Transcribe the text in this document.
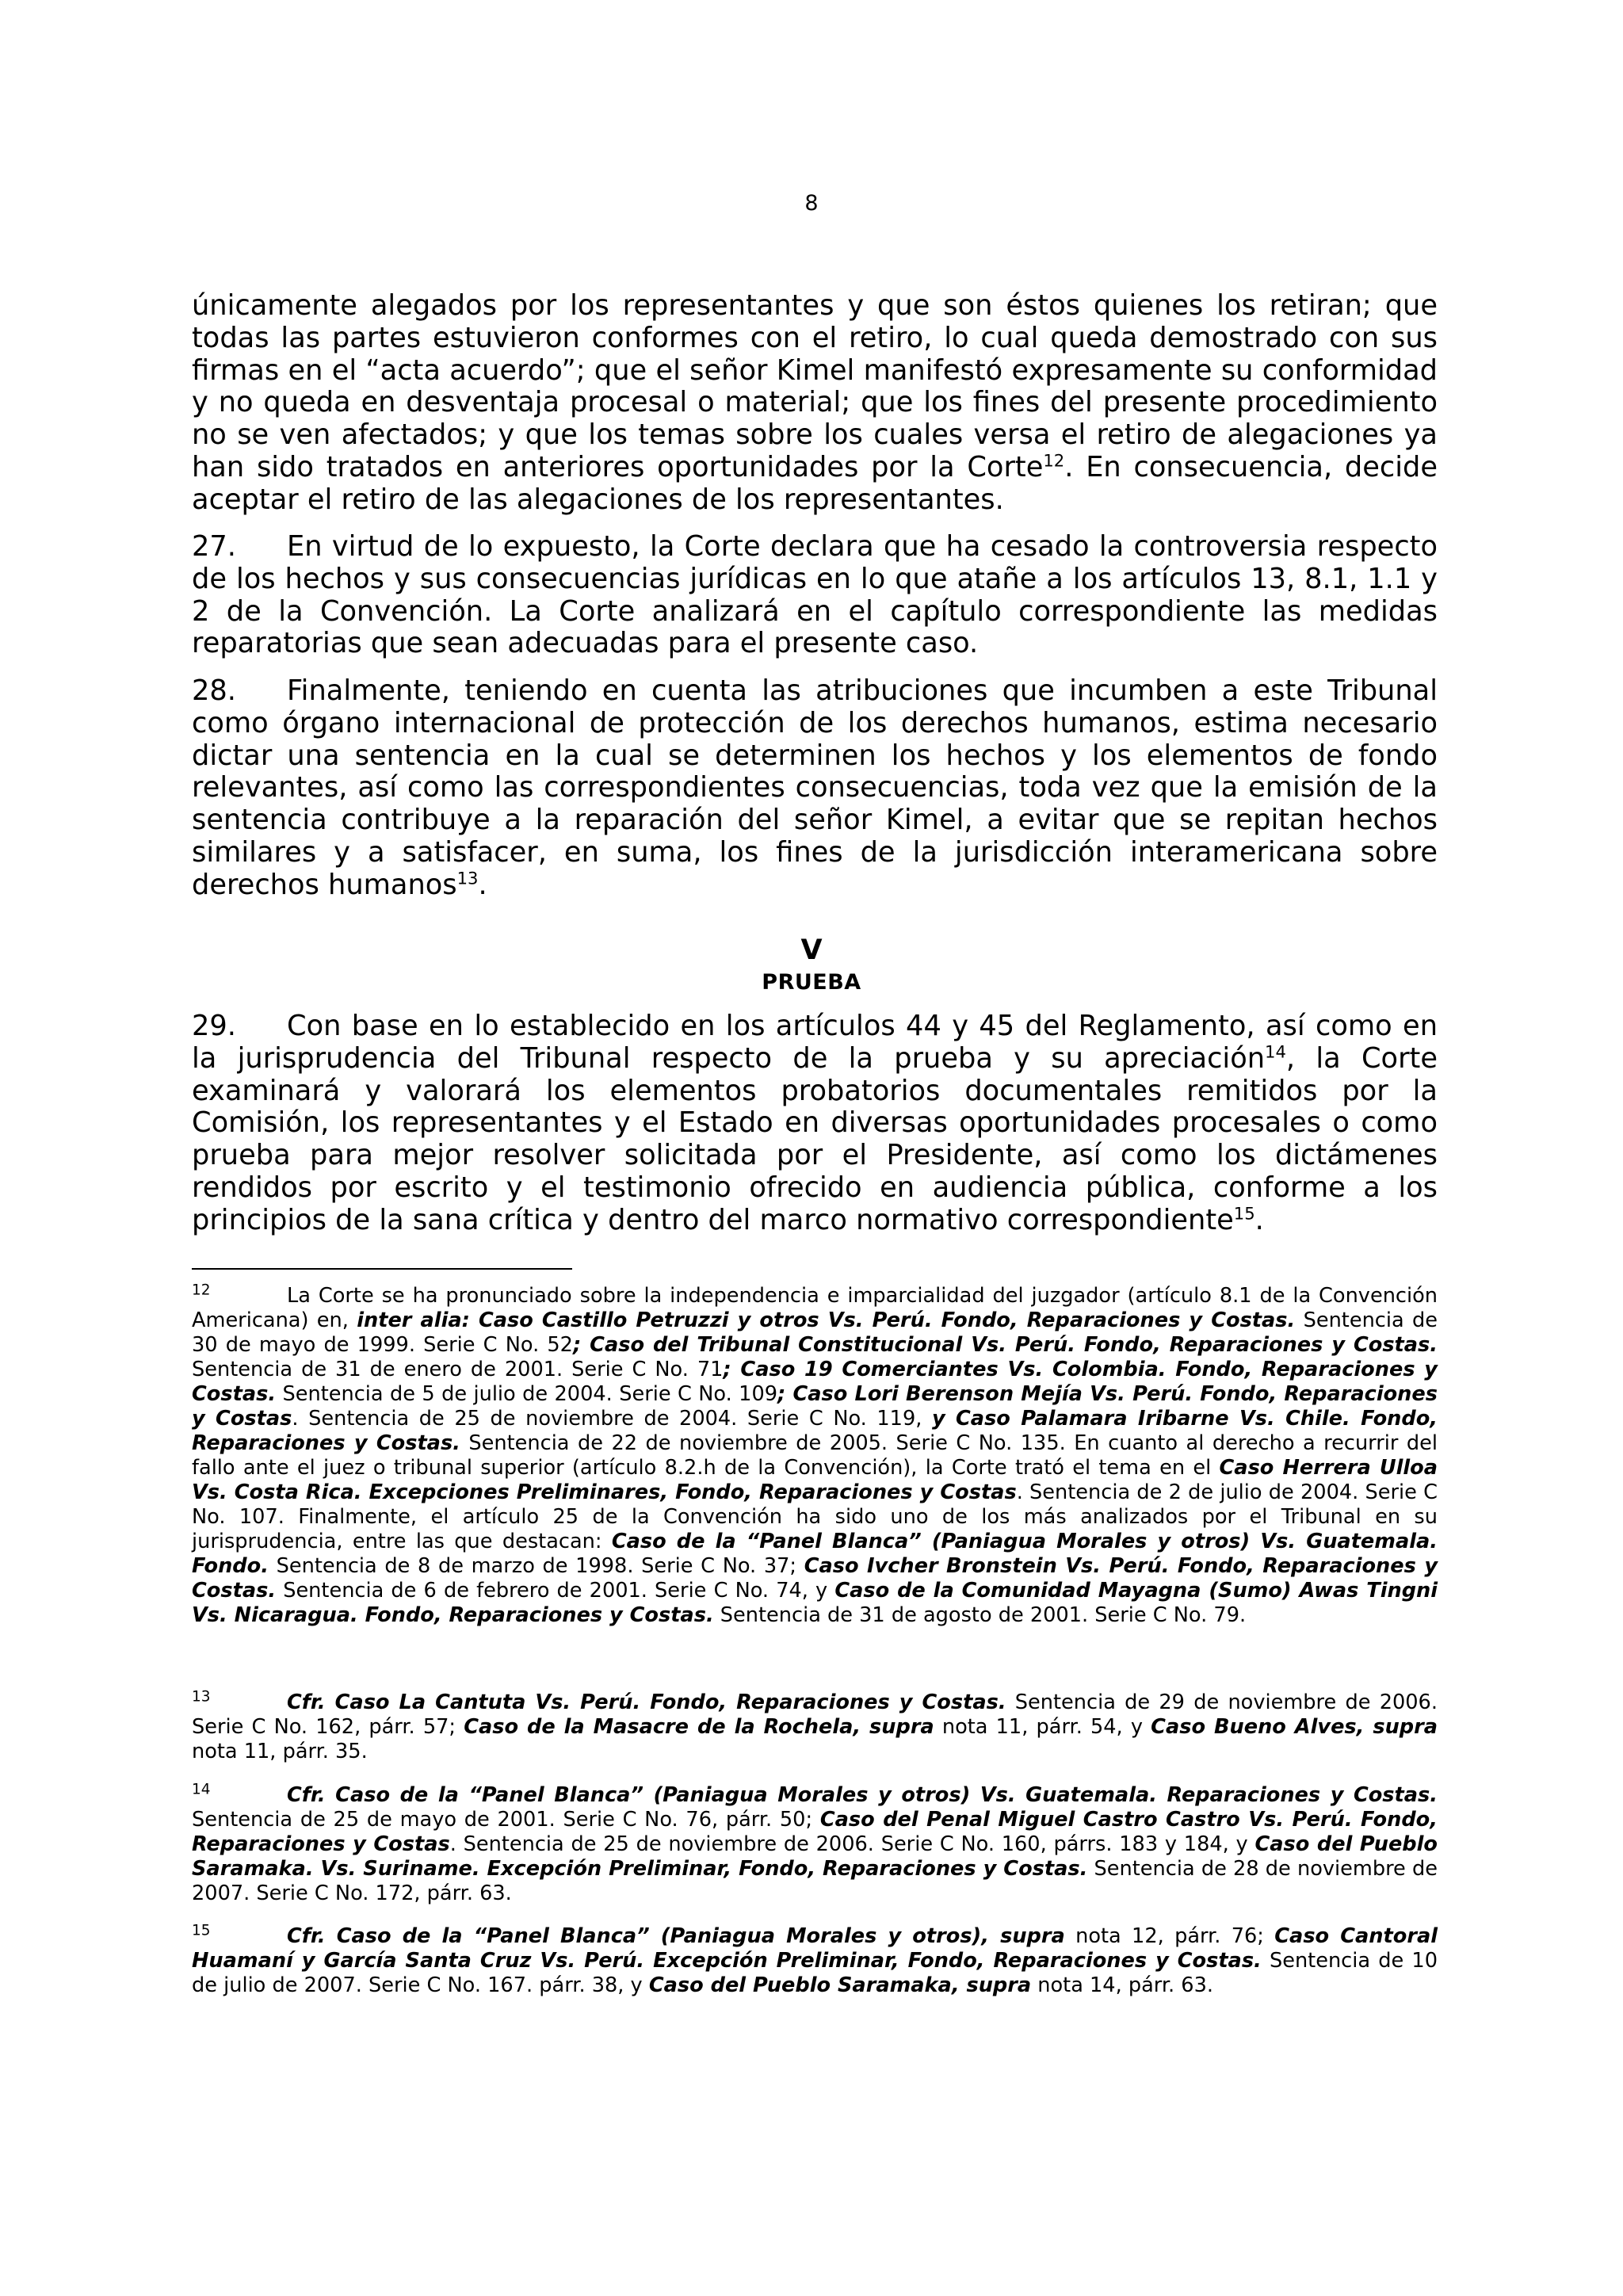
8

únicamente alegados por los representantes y que son éstos quienes los retiran; que todas las partes estuvieron conformes con el retiro, lo cual queda demostrado con sus firmas en el “acta acuerdo”; que el señor Kimel manifestó expresamente su conformidad y no queda en desventaja procesal o material; que los fines del presente procedimiento no se ven afectados; y que los temas sobre los cuales versa el retiro de alegaciones ya han sido tratados en anteriores oportunidades por la Corte$^{12}$. En consecuencia, decide aceptar el retiro de las alegaciones de los representantes.

27. En virtud de lo expuesto, la Corte declara que ha cesado la controversia respecto de los hechos y sus consecuencias jurídicas en lo que atañe a los artículos 13, 8.1, 1.1 y 2 de la Convención. La Corte analizará en el capítulo correspondiente las medidas reparatorias que sean adecuadas para el presente caso.

28. Finalmente, teniendo en cuenta las atribuciones que incumben a este Tribunal como órgano internacional de protección de los derechos humanos, estima necesario dictar una sentencia en la cual se determinen los hechos y los elementos de fondo relevantes, así como las correspondientes consecuencias, toda vez que la emisión de la sentencia contribuye a la reparación del señor Kimel, a evitar que se repitan hechos similares y a satisfacer, en suma, los fines de la jurisdicción interamericana sobre derechos humanos$^{13}$.

V
PRUEBA

29. Con base en lo establecido en los artículos 44 y 45 del Reglamento, así como en la jurisprudencia del Tribunal respecto de la prueba y su apreciación$^{14}$, la Corte examinará y valorará los elementos probatorios documentales remitidos por la Comisión, los representantes y el Estado en diversas oportunidades procesales o como prueba para mejor resolver solicitada por el Presidente, así como los dictámenes rendidos por escrito y el testimonio ofrecido en audiencia pública, conforme a los principios de la sana crítica y dentro del marco normativo correspondiente$^{15}$.

$^{12}$	La Corte se ha pronunciado sobre la independencia e imparcialidad del juzgador (artículo 8.1 de la Convención Americana) en, inter alia: Caso Castillo Petruzzi y otros Vs. Perú. Fondo, Reparaciones y Costas. Sentencia de 30 de mayo de 1999. Serie C No. 52; Caso del Tribunal Constitucional Vs. Perú. Fondo, Reparaciones y Costas. Sentencia de 31 de enero de 2001. Serie C No. 71; Caso 19 Comerciantes Vs. Colombia. Fondo, Reparaciones y Costas. Sentencia de 5 de julio de 2004. Serie C No. 109; Caso Lori Berenson Mejía Vs. Perú. Fondo, Reparaciones y Costas. Sentencia de 25 de noviembre de 2004. Serie C No. 119, y Caso Palamara Iribarne Vs. Chile. Fondo, Reparaciones y Costas. Sentencia de 22 de noviembre de 2005. Serie C No. 135. En cuanto al derecho a recurrir del fallo ante el juez o tribunal superior (artículo 8.2.h de la Convención), la Corte trató el tema en el Caso Herrera Ulloa Vs. Costa Rica. Excepciones Preliminares, Fondo, Reparaciones y Costas. Sentencia de 2 de julio de 2004. Serie C No. 107. Finalmente, el artículo 25 de la Convención ha sido uno de los más analizados por el Tribunal en su jurisprudencia, entre las que destacan: Caso de la “Panel Blanca” (Paniagua Morales y otros) Vs. Guatemala. Fondo. Sentencia de 8 de marzo de 1998. Serie C No. 37; Caso Ivcher Bronstein Vs. Perú. Fondo, Reparaciones y Costas. Sentencia de 6 de febrero de 2001. Serie C No. 74, y Caso de la Comunidad Mayagna (Sumo) Awas Tingni Vs. Nicaragua. Fondo, Reparaciones y Costas. Sentencia de 31 de agosto de 2001. Serie C No. 79.

$^{13}$	Cfr. Caso La Cantuta Vs. Perú. Fondo, Reparaciones y Costas. Sentencia de 29 de noviembre de 2006. Serie C No. 162, párr. 57; Caso de la Masacre de la Rochela, supra nota 11, párr. 54, y Caso Bueno Alves, supra nota 11, párr. 35.

$^{14}$	Cfr. Caso de la “Panel Blanca” (Paniagua Morales y otros) Vs. Guatemala. Reparaciones y Costas. Sentencia de 25 de mayo de 2001. Serie C No. 76, párr. 50; Caso del Penal Miguel Castro Castro Vs. Perú. Fondo, Reparaciones y Costas. Sentencia de 25 de noviembre de 2006. Serie C No. 160, párrs. 183 y 184, y Caso del Pueblo Saramaka. Vs. Suriname. Excepción Preliminar, Fondo, Reparaciones y Costas. Sentencia de 28 de noviembre de 2007. Serie C No. 172, párr. 63.

$^{15}$	Cfr. Caso de la “Panel Blanca” (Paniagua Morales y otros), supra nota 12, párr. 76; Caso Cantoral Huamaní y García Santa Cruz Vs. Perú. Excepción Preliminar, Fondo, Reparaciones y Costas. Sentencia de 10 de julio de 2007. Serie C No. 167. párr. 38, y Caso del Pueblo Saramaka, supra nota 14, párr. 63.
